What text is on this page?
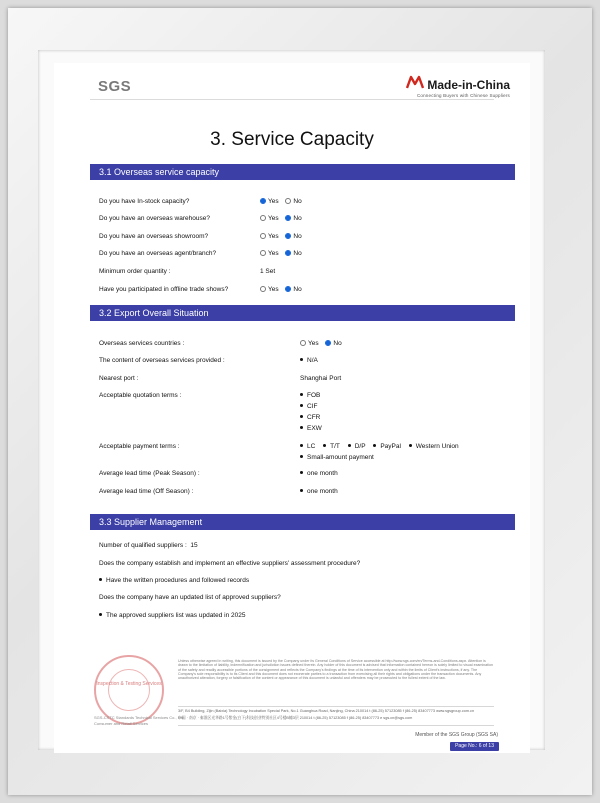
SGS	Made-in-China
Connecting Buyers with Chinese Suppliers
3. Service Capacity
3.1 Overseas service capacity
Do you have In-stock capacity?	Yes No
Do you have an overseas warehouse?	Yes No
Do you have an overseas showroom?	Yes No
Do you have an overseas agent/branch?	Yes No
Minimum order quantity :	1 Set
Have you participated in offline trade shows?	Yes No
3.2 Export Overall Situation
Overseas services countries :	Yes No
The content of overseas services provided :	N/A
Nearest port :	Shanghai Port
Acceptable quotation terms :	FOB
CIF
CFR
EXW
Acceptable payment terms :	LC T/T D/P PayPal Western Union
Small-amount payment
Average lead time (Peak Season) :	one month
Average lead time (Off Season) :	one month
3.3 Supplier Management
Number of qualified suppliers : 15
Does the company establish and implement an effective suppliers' assessment procedure?
Have the written procedures and followed records
Does the company have an updated list of approved suppliers?
The approved suppliers list was updated in 2025
Inspection & Testing Services
SGS-CSTC Standards Technical Services Co., Ltd.
Consumer and Retail Services
Unless otherwise agreed in writing, this document is issued by the Company under its General Conditions of Service accessible at http://www.sgs.com/en/Terms-and-Conditions.aspx. Attention is drawn to the limitation of liability, indemnification and jurisdiction issues defined therein. Any holder of this document is advised that information contained hereon is solely limited to visual examination of the safety and readily accessible portions of the consignment and reflects the Company's findings at the time of its intervention only and within the limits of Client's instructions, if any. The Company's sole responsibility is to its Client and this document does not exonerate parties to a transaction from exercising all their rights and obligations under the transaction documents. Any unauthorized alteration, forgery or falsification of the content or appearance of this document is unlawful and offenders may be prosecuted to the fullest extent of the law.
3/F, B4 Building, Zijin (Baixia) Technology Incubation Special Park, No.1 Guanghua Road, Nanjing, China 210014 t (86-25) 57123085 f (86-25) 83407773 www.sgsgroup.com.cn
中国 · 南京 · 秦淮区光华路1号紫金(白下)科技创业特别社区4号楼B幢3层 210014 t (86-25) 57123085 f (86-25) 83407773 e sgs.cn@sgs.com
Member of the SGS Group (SGS SA)
Page No.: 6 of 13
